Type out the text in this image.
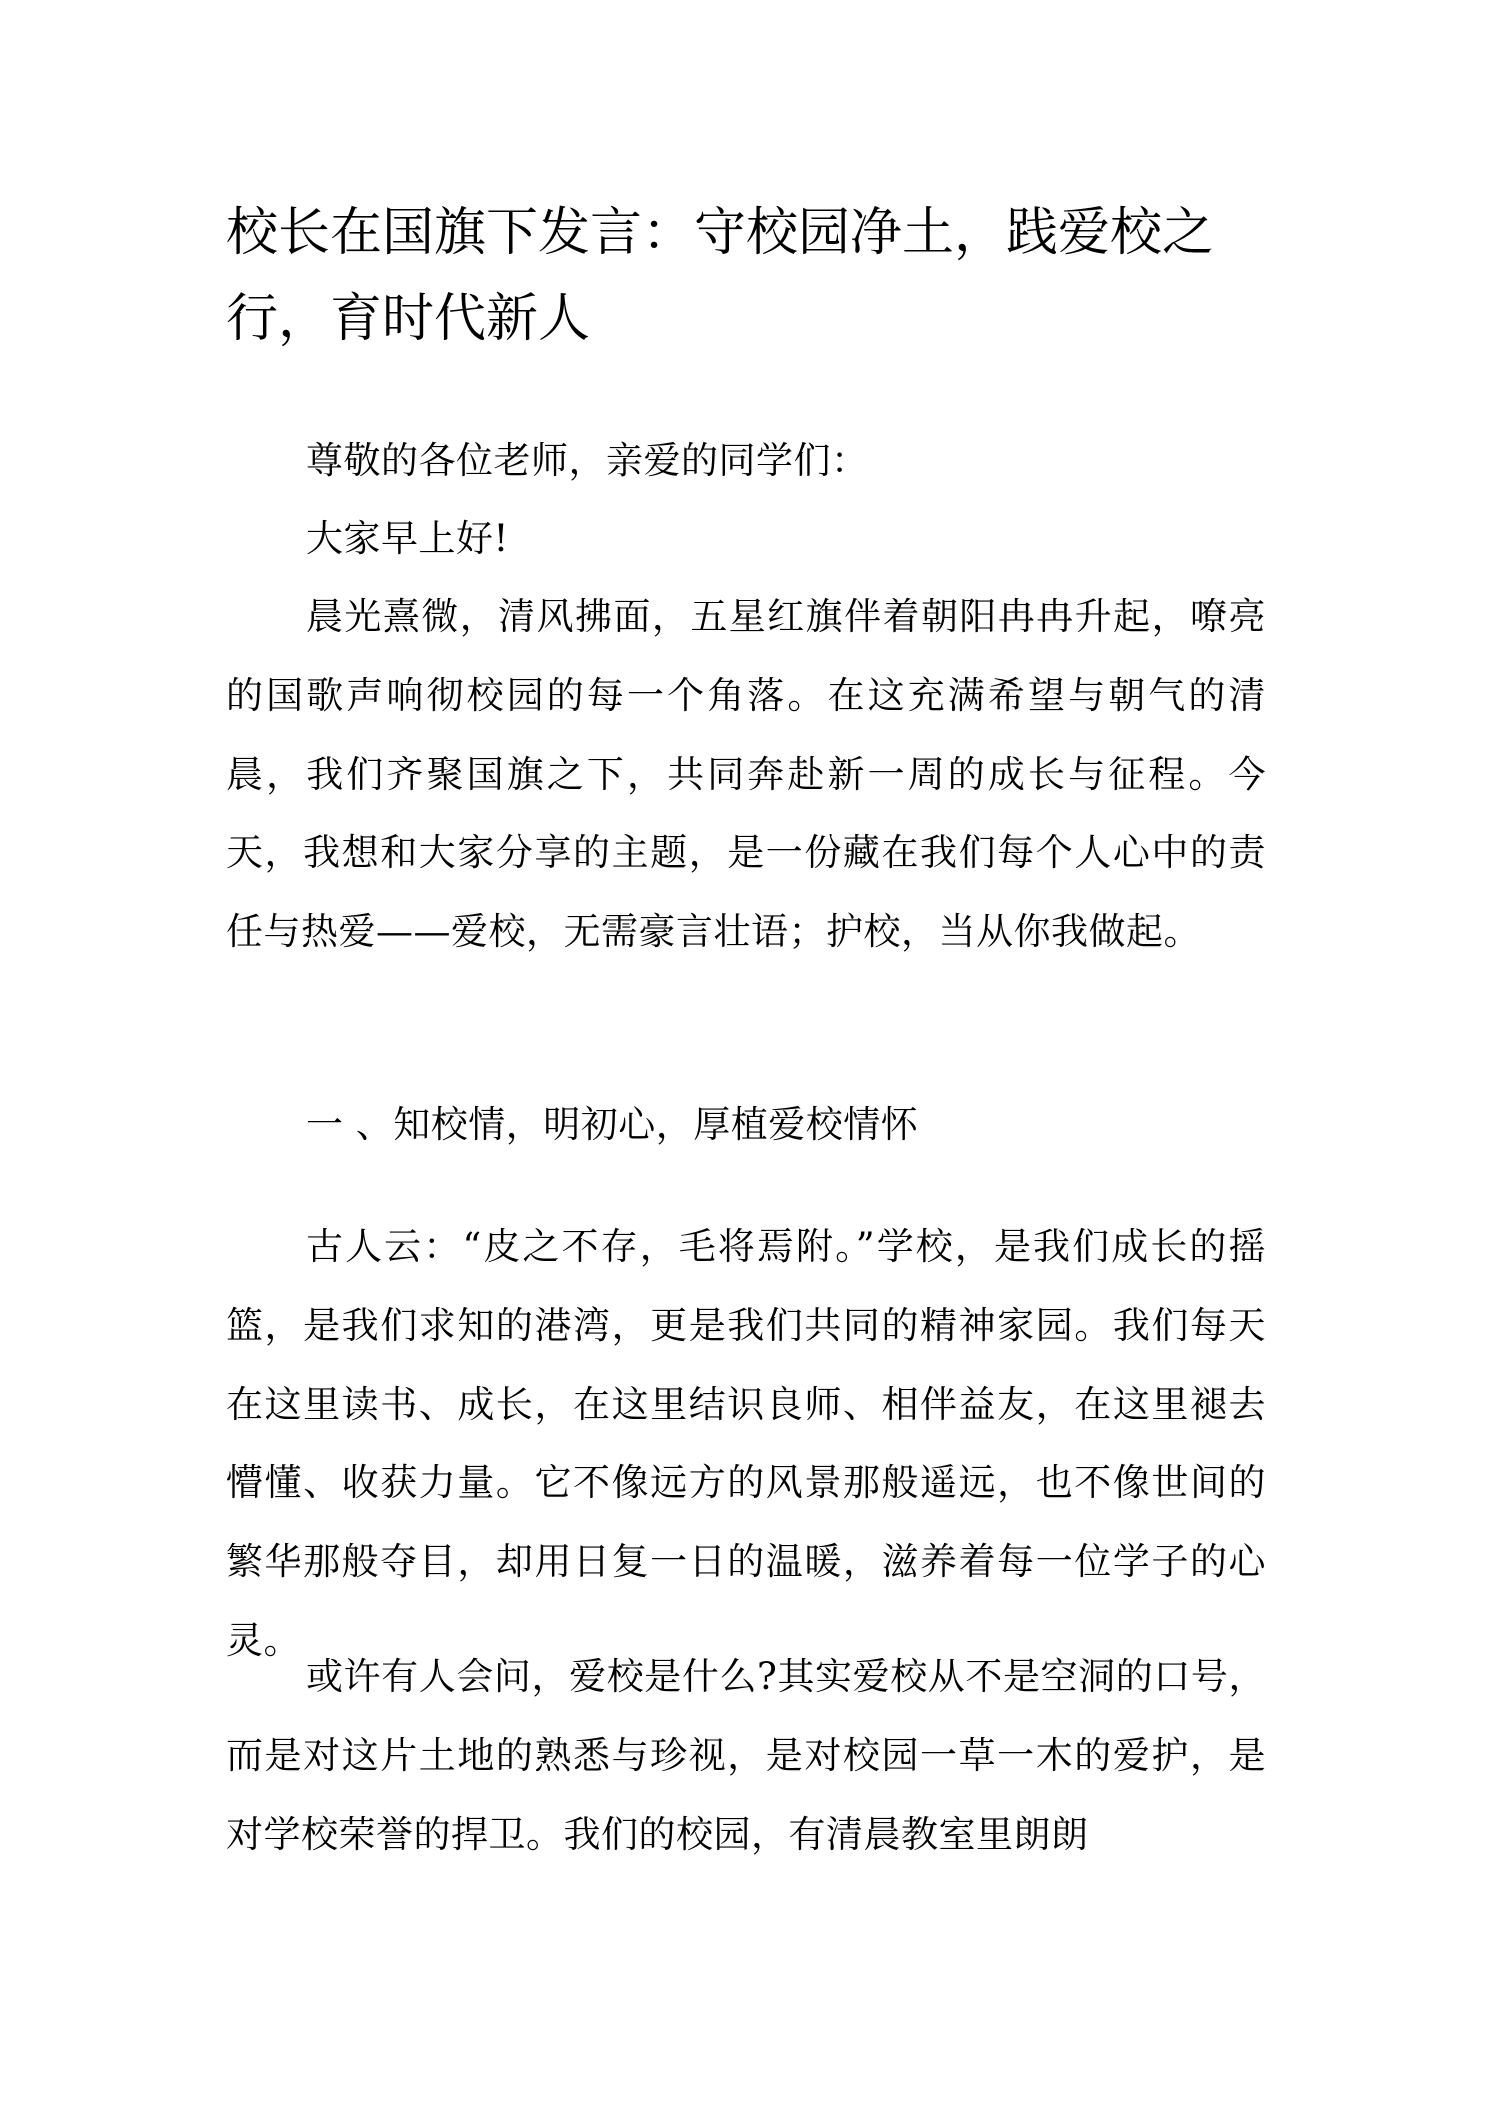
校长在国旗下发言：守校园净土，践爱校之行，育时代新人

尊敬的各位老师，亲爱的同学们：

大家早上好!

晨光熹微，清风拂面，五星红旗伴着朝阳冉冉升起，嘹亮的国歌声响彻校园的每一个角落。在这充满希望与朝气的清晨，我们齐聚国旗之下，共同奔赴新一周的成长与征程。今天，我想和大家分享的主题，是一份藏在我们每个人心中的责任与热爱——爱校，无需豪言壮语；护校，当从你我做起。

一 、知校情，明初心，厚植爱校情怀

古人云：“皮之不存，毛将焉附。”学校，是我们成长的摇篮，是我们求知的港湾，更是我们共同的精神家园。我们每天在这里读书、成长，在这里结识良师、相伴益友，在这里褪去懵懂、收获力量。它不像远方的风景那般遥远，也不像世间的繁华那般夺目，却用日复一日的温暖，滋养着每一位学子的心灵。

或许有人会问，爱校是什么?其实爱校从不是空洞的口号，而是对这片土地的熟悉与珍视，是对校园一草一木的爱护，是对学校荣誉的捍卫。我们的校园，有清晨教室里朗朗
